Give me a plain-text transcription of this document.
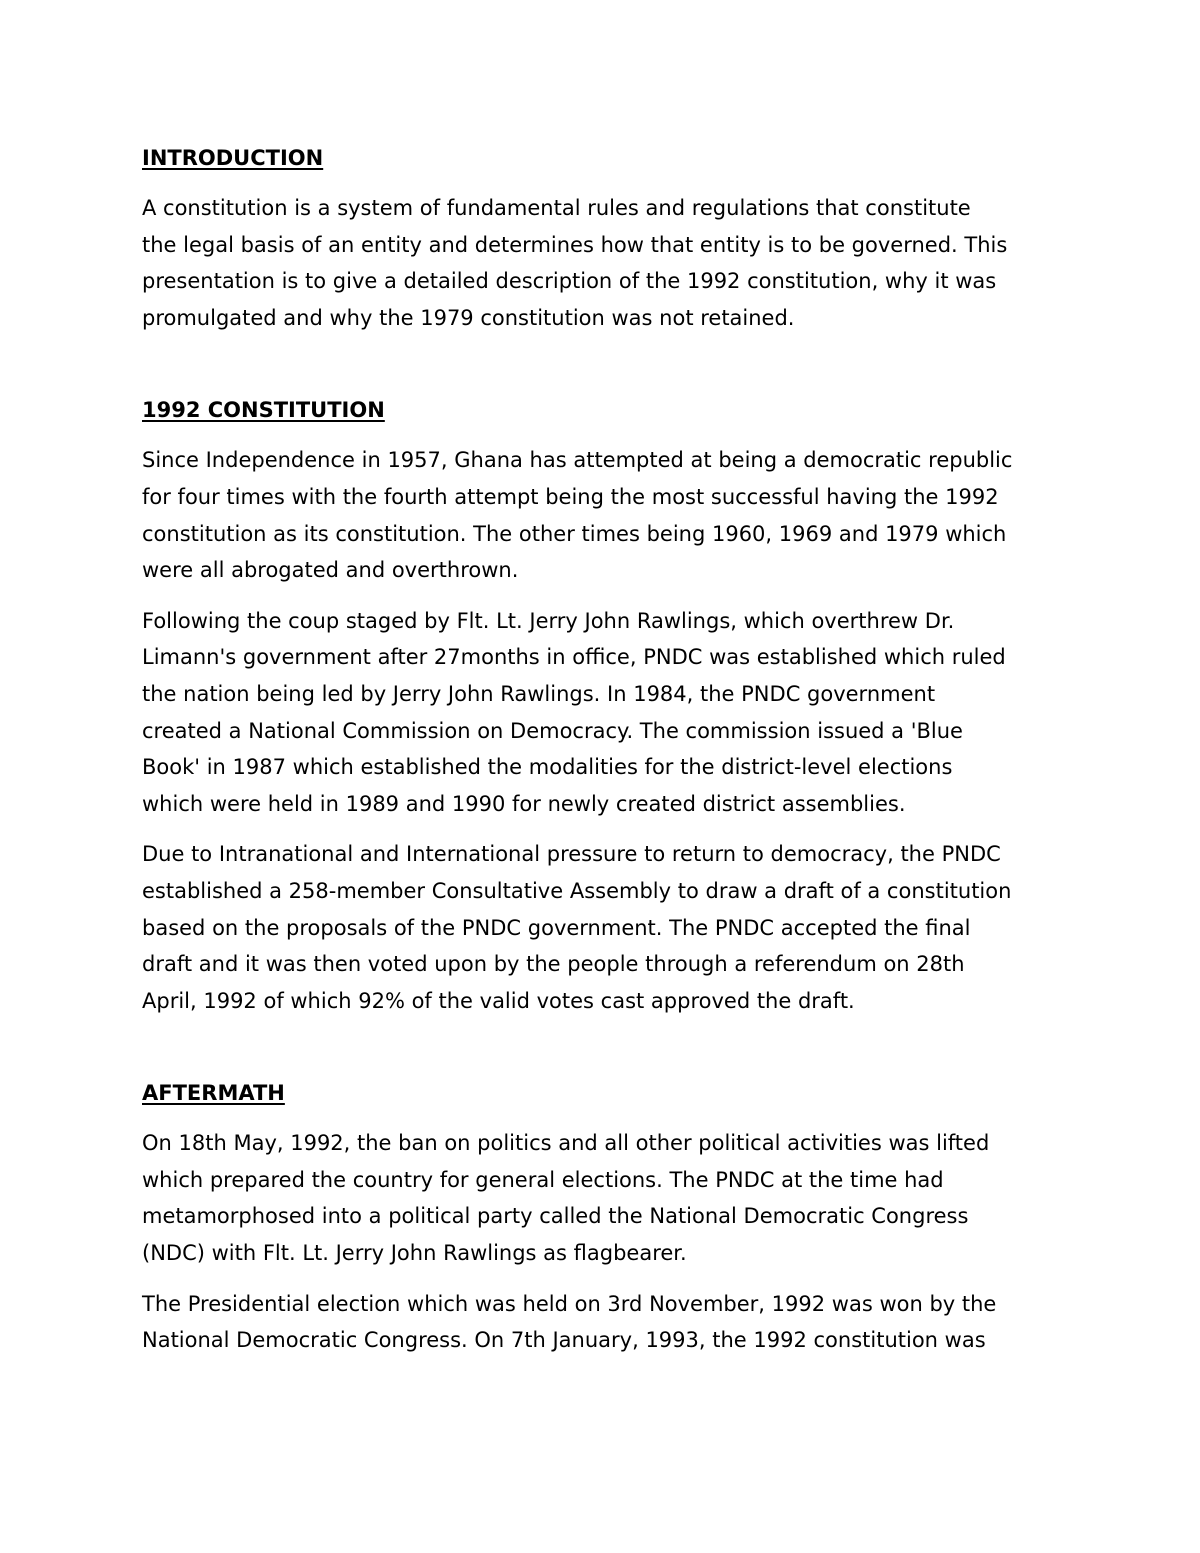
INTRODUCTION
A constitution is a system of fundamental rules and regulations that constitute
the legal basis of an entity and determines how that entity is to be governed. This
presentation is to give a detailed description of the 1992 constitution, why it was
promulgated and why the 1979 constitution was not retained.
1992 CONSTITUTION
Since Independence in 1957, Ghana has attempted at being a democratic republic
for four times with the fourth attempt being the most successful having the 1992
constitution as its constitution. The other times being 1960, 1969 and 1979 which
were all abrogated and overthrown.
Following the coup staged by Flt. Lt. Jerry John Rawlings, which overthrew Dr.
Limann's government after 27months in office, PNDC was established which ruled
the nation being led by Jerry John Rawlings. In 1984, the PNDC government
created a National Commission on Democracy. The commission issued a 'Blue
Book' in 1987 which established the modalities for the district-level elections
which were held in 1989 and 1990 for newly created district assemblies.
Due to Intranational and International pressure to return to democracy, the PNDC
established a 258-member Consultative Assembly to draw a draft of a constitution
based on the proposals of the PNDC government. The PNDC accepted the final
draft and it was then voted upon by the people through a referendum on 28th
April, 1992 of which 92% of the valid votes cast approved the draft.
AFTERMATH
On 18th May, 1992, the ban on politics and all other political activities was lifted
which prepared the country for general elections. The PNDC at the time had
metamorphosed into a political party called the National Democratic Congress
(NDC) with Flt. Lt. Jerry John Rawlings as flagbearer.
The Presidential election which was held on 3rd November, 1992 was won by the
National Democratic Congress. On 7th January, 1993, the 1992 constitution was
